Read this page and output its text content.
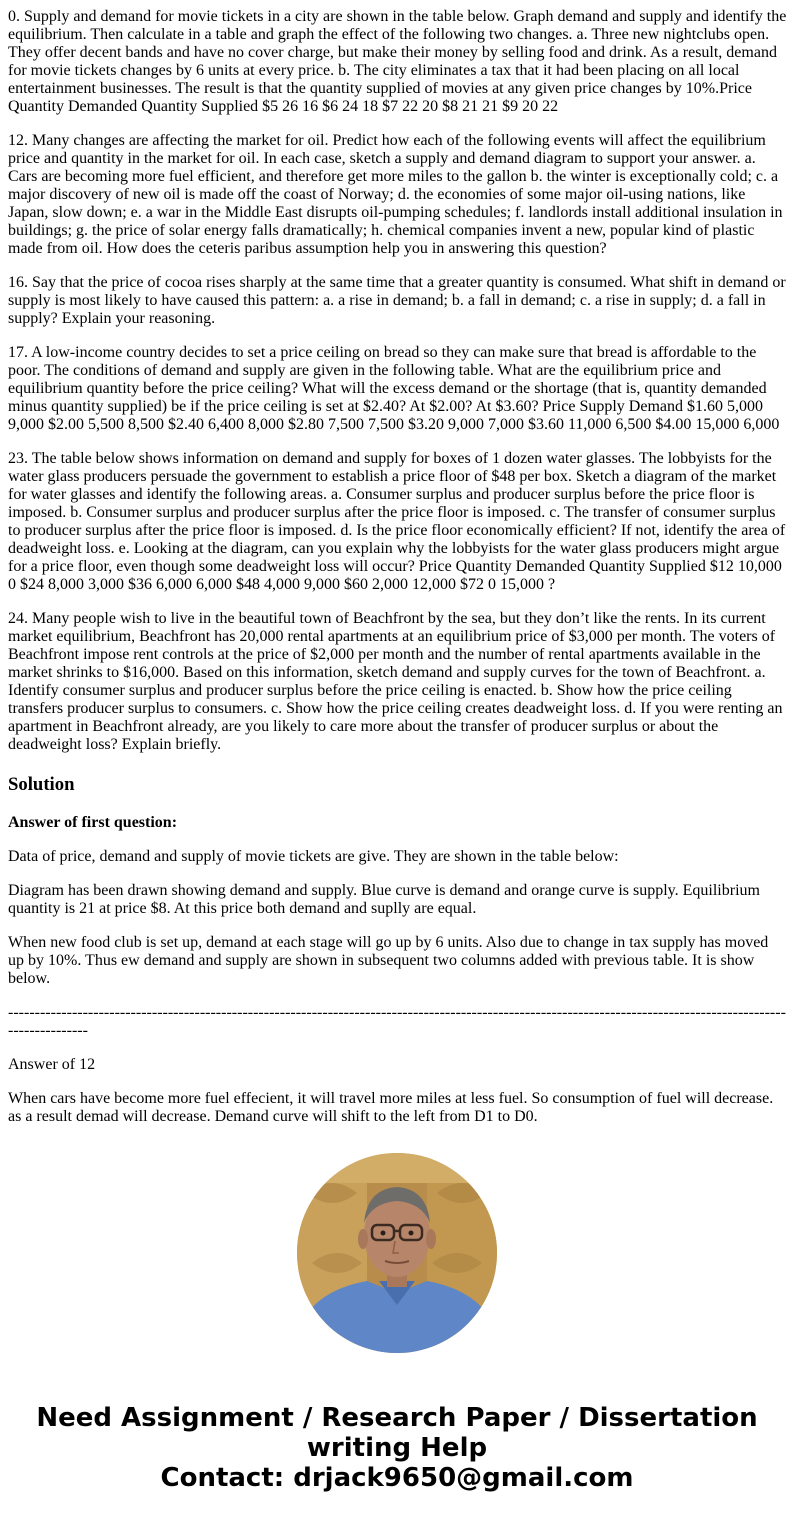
0. Supply and demand for movie tickets in a city are shown in the table below. Graph demand and supply and identify the equilibrium. Then calculate in a table and graph the effect of the following two changes. a. Three new nightclubs open. They offer decent bands and have no cover charge, but make their money by selling food and drink. As a result, demand for movie tickets changes by 6 units at every price. b. The city eliminates a tax that it had been placing on all local entertainment businesses. The result is that the quantity supplied of movies at any given price changes by 10%.Price Quantity Demanded Quantity Supplied $5 26 16 $6 24 18 $7 22 20 $8 21 21 $9 20 22

12. Many changes are affecting the market for oil. Predict how each of the following events will affect the equilibrium price and quantity in the market for oil. In each case, sketch a supply and demand diagram to support your answer. a. Cars are becoming more fuel efficient, and therefore get more miles to the gallon b. the winter is exceptionally cold; c. a major discovery of new oil is made off the coast of Norway; d. the economies of some major oil-using nations, like Japan, slow down; e. a war in the Middle East disrupts oil-pumping schedules; f. landlords install additional insulation in buildings; g. the price of solar energy falls dramatically; h. chemical companies invent a new, popular kind of plastic made from oil. How does the ceteris paribus assumption help you in answering this question?

16. Say that the price of cocoa rises sharply at the same time that a greater quantity is consumed. What shift in demand or supply is most likely to have caused this pattern: a. a rise in demand; b. a fall in demand; c. a rise in supply; d. a fall in supply? Explain your reasoning.

17. A low-income country decides to set a price ceiling on bread so they can make sure that bread is affordable to the poor. The conditions of demand and supply are given in the following table. What are the equilibrium price and equilibrium quantity before the price ceiling? What will the excess demand or the shortage (that is, quantity demanded minus quantity supplied) be if the price ceiling is set at $2.40? At $2.00? At $3.60? Price Supply Demand $1.60 5,000 9,000 $2.00 5,500 8,500 $2.40 6,400 8,000 $2.80 7,500 7,500 $3.20 9,000 7,000 $3.60 11,000 6,500 $4.00 15,000 6,000

23. The table below shows information on demand and supply for boxes of 1 dozen water glasses. The lobbyists for the water glass producers persuade the government to establish a price floor of $48 per box. Sketch a diagram of the market for water glasses and identify the following areas. a. Consumer surplus and producer surplus before the price floor is imposed. b. Consumer surplus and producer surplus after the price floor is imposed. c. The transfer of consumer surplus to producer surplus after the price floor is imposed. d. Is the price floor economically efficient? If not, identify the area of deadweight loss. e. Looking at the diagram, can you explain why the lobbyists for the water glass producers might argue for a price floor, even though some deadweight loss will occur? Price Quantity Demanded Quantity Supplied $12 10,000 0 $24 8,000 3,000 $36 6,000 6,000 $48 4,000 9,000 $60 2,000 12,000 $72 0 15,000 ?

24. Many people wish to live in the beautiful town of Beachfront by the sea, but they don’t like the rents. In its current market equilibrium, Beachfront has 20,000 rental apartments at an equilibrium price of $3,000 per month. The voters of Beachfront impose rent controls at the price of $2,000 per month and the number of rental apartments available in the market shrinks to $16,000. Based on this information, sketch demand and supply curves for the town of Beachfront. a. Identify consumer surplus and producer surplus before the price ceiling is enacted. b. Show how the price ceiling transfers producer surplus to consumers. c. Show how the price ceiling creates deadweight loss. d. If you were renting an apartment in Beachfront already, are you likely to care more about the transfer of producer surplus or about the deadweight loss? Explain briefly.

Solution

Answer of first question:

Data of price, demand and supply of movie tickets are give. They are shown in the table below:

Diagram has been drawn showing demand and supply. Blue curve is demand and orange curve is supply. Equilibrium quantity is 21 at price $8. At this price both demand and suplly are equal.

When new food club is set up, demand at each stage will go up by 6 units. Also due to change in tax supply has moved up by 10%. Thus ew demand and supply are shown in subsequent two columns added with previous table. It is show below.

-----------------------------------------------------------------------------------------------------------------------------------------------------------------

Answer of 12

When cars have become more fuel effecient, it will travel more miles at less fuel. So consumption of fuel will decrease. as a result demad will decrease. Demand curve will shift to the left from D1 to D0.

Need Assignment / Research Paper / Dissertation
writing Help
Contact: drjack9650@gmail.com
